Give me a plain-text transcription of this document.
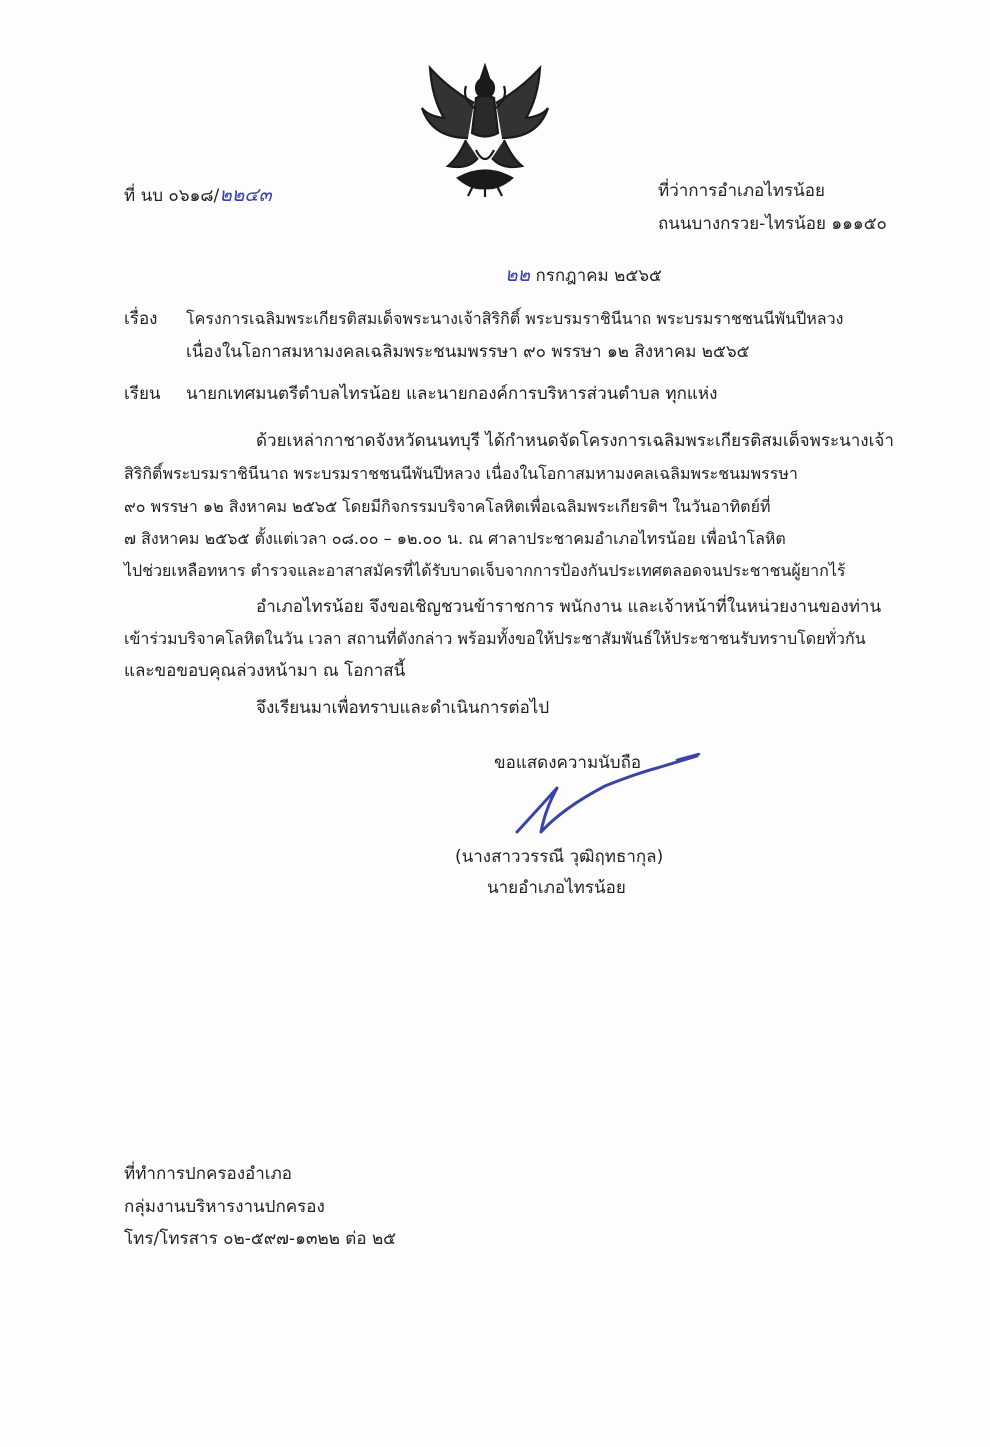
ที่ นบ ๐๖๑๘/๒๒๔๓	ที่ว่าการอำเภอไทรน้อย
ถนนบางกรวย-ไทรน้อย ๑๑๑๕๐
๒๒ กรกฎาคม ๒๕๖๕
เรื่อง โครงการเฉลิมพระเกียรติสมเด็จพระนางเจ้าสิริกิติ์ พระบรมราชินีนาถ พระบรมราชชนนีพันปีหลวง
เนื่องในโอกาสมหามงคลเฉลิมพระชนมพรรษา ๙๐ พรรษา ๑๒ สิงหาคม ๒๕๖๕
เรียน นายกเทศมนตรีตำบลไทรน้อย และนายกองค์การบริหารส่วนตำบล ทุกแห่ง
ด้วยเหล่ากาชาดจังหวัดนนทบุรี ได้กำหนดจัดโครงการเฉลิมพระเกียรติสมเด็จพระนางเจ้า
สิริกิติ์พระบรมราชินีนาถ พระบรมราชชนนีพันปีหลวง เนื่องในโอกาสมหามงคลเฉลิมพระชนมพรรษา
๙๐ พรรษา ๑๒ สิงหาคม ๒๕๖๕ โดยมีกิจกรรมบริจาคโลหิตเพื่อเฉลิมพระเกียรติฯ ในวันอาทิตย์ที่
๗ สิงหาคม ๒๕๖๕ ตั้งแต่เวลา ๐๘.๐๐ – ๑๒.๐๐ น. ณ ศาลาประชาคมอำเภอไทรน้อย เพื่อนำโลหิต
ไปช่วยเหลือทหาร ตำรวจและอาสาสมัครที่ได้รับบาดเจ็บจากการป้องกันประเทศตลอดจนประชาชนผู้ยากไร้
อำเภอไทรน้อย จึงขอเชิญชวนข้าราชการ พนักงาน และเจ้าหน้าที่ในหน่วยงานของท่าน
เข้าร่วมบริจาคโลหิตในวัน เวลา สถานที่ดังกล่าว พร้อมทั้งขอให้ประชาสัมพันธ์ให้ประชาชนรับทราบโดยทั่วกัน
และขอขอบคุณล่วงหน้ามา ณ โอกาสนี้
จึงเรียนมาเพื่อทราบและดำเนินการต่อไป
ขอแสดงความนับถือ
(นางสาววรรณี วุฒิฤทธากุล)
นายอำเภอไทรน้อย
ที่ทำการปกครองอำเภอ
กลุ่มงานบริหารงานปกครอง
โทร/โทรสาร ๐๒-๕๙๗-๑๓๒๒ ต่อ ๒๕
